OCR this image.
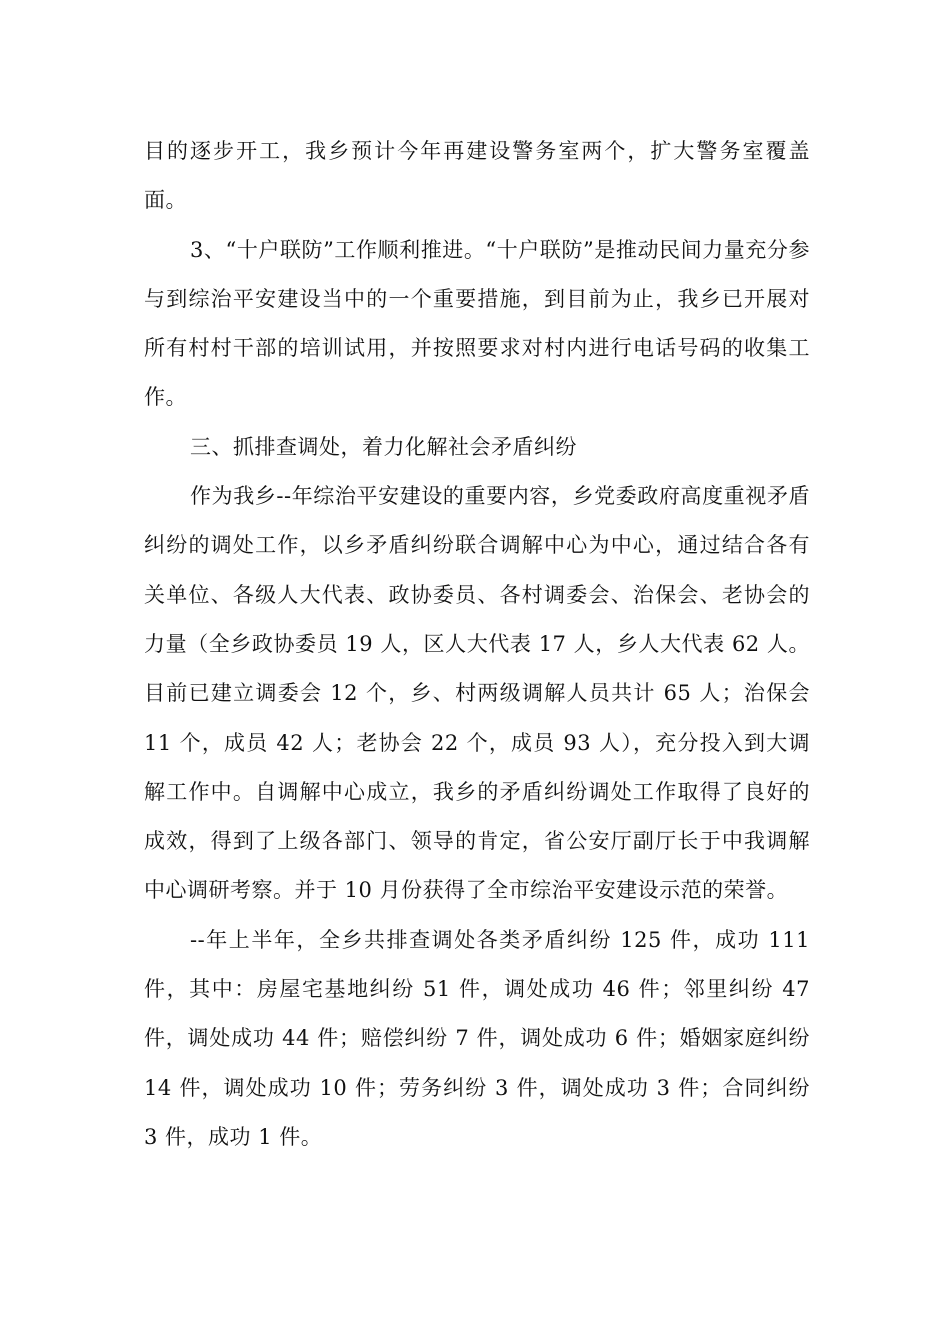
目的逐步开工，我乡预计今年再建设警务室两个，扩大警务室覆盖面。

3、“十户联防”工作顺利推进。“十户联防”是推动民间力量充分参与到综治平安建设当中的一个重要措施，到目前为止，我乡已开展对所有村村干部的培训试用，并按照要求对村内进行电话号码的收集工作。

三、抓排查调处，着力化解社会矛盾纠纷

作为我乡--年综治平安建设的重要内容，乡党委政府高度重视矛盾纠纷的调处工作，以乡矛盾纠纷联合调解中心为中心，通过结合各有关单位、各级人大代表、政协委员、各村调委会、治保会、老协会的力量（全乡政协委员 19 人，区人大代表 17 人，乡人大代表 62 人。目前已建立调委会 12 个，乡、村两级调解人员共计 65 人；治保会 11 个，成员 42 人；老协会 22 个，成员 93 人），充分投入到大调解工作中。自调解中心成立，我乡的矛盾纠纷调处工作取得了良好的成效，得到了上级各部门、领导的肯定，省公安厅副厅长于中我调解中心调研考察。并于 10 月份获得了全市综治平安建设示范的荣誉。

--年上半年，全乡共排查调处各类矛盾纠纷 125 件，成功 111 件，其中：房屋宅基地纠纷 51 件，调处成功 46 件；邻里纠纷 47 件，调处成功 44 件；赔偿纠纷 7 件，调处成功 6 件；婚姻家庭纠纷 14 件，调处成功 10 件；劳务纠纷 3 件，调处成功 3 件；合同纠纷 3 件，成功 1 件。
